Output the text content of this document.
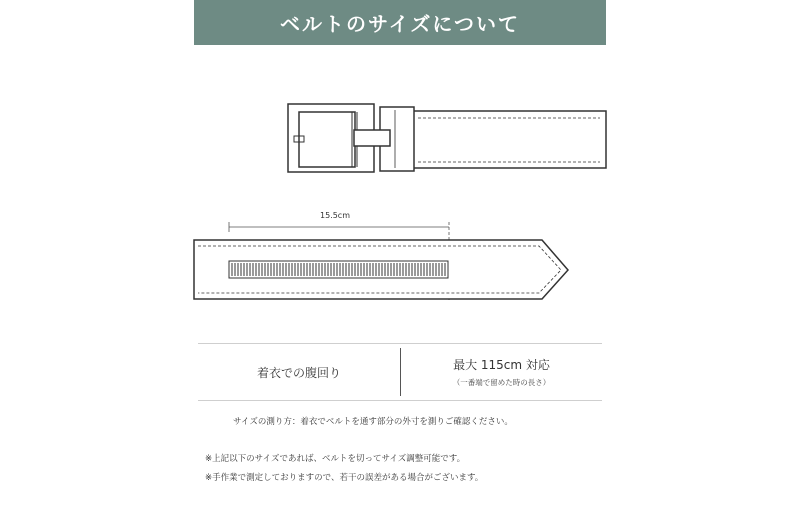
ベルトのサイズについて
15.5cm
着衣での腹回り
最大 115cm 対応
（一番端で留めた時の長さ）
サイズの測り方：着衣でベルトを通す部分の外寸を測りご確認ください。
※上記以下のサイズであれば、ベルトを切ってサイズ調整可能です。
※手作業で測定しておりますので、若干の誤差がある場合がございます。
